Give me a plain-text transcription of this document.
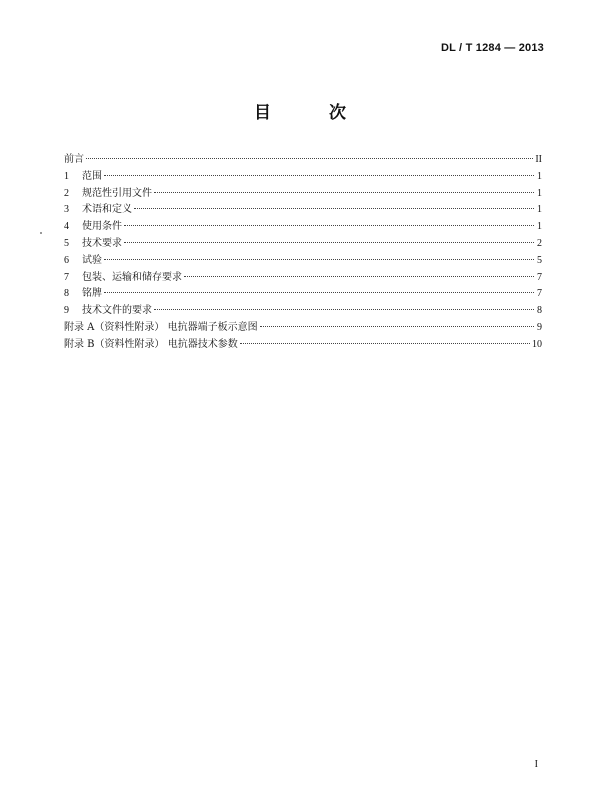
DL / T 1284 — 2013
目 次
前言	II
1	范围	1
2	规范性引用文件	1
3	术语和定义	1
4	使用条件	1
5	技术要求	2
6	试验	5
7	包装、运输和储存要求	7
8	铭牌	7
9	技术文件的要求	8
附录 A（资料性附录） 电抗器端子板示意图	9
附录 B（资料性附录） 电抗器技术参数	10
I
